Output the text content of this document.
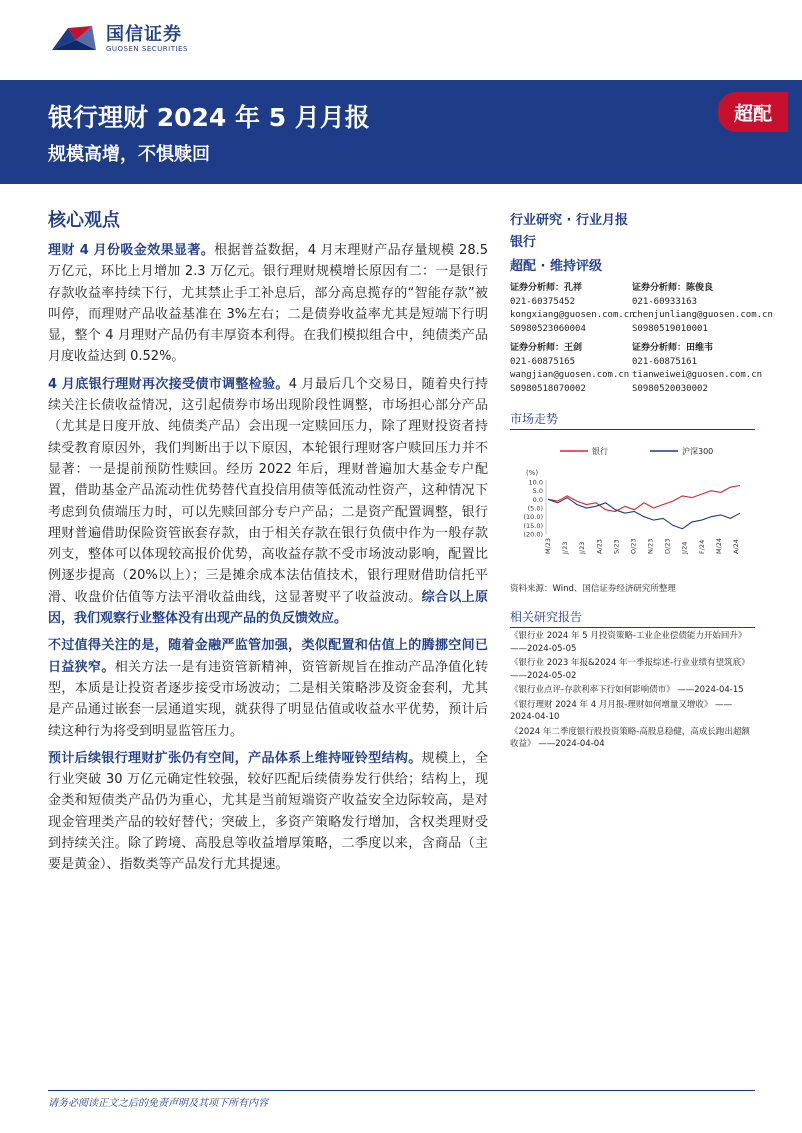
国信证券
GUOSEN SECURITIES
银行理财 2024 年 5 月月报
规模高增，不惧赎回
超配
核心观点

理财 4 月份吸金效果显著。根据普益数据，4 月末理财产品存量规模 28.5 万亿元，环比上月增加 2.3 万亿元。银行理财规模增长原因有二：一是银行存款收益率持续下行，尤其禁止手工补息后，部分高息揽存的“智能存款”被叫停，而理财产品收益基准在 3%左右；二是债券收益率尤其是短端下行明显，整个 4 月理财产品仍有丰厚资本利得。在我们模拟组合中，纯债类产品月度收益达到 0.52%。

4 月底银行理财再次接受债市调整检验。4 月最后几个交易日，随着央行持续关注长债收益情况，这引起债券市场出现阶段性调整，市场担心部分产品（尤其是日度开放、纯债类产品）会出现一定赎回压力，除了理财投资者持续受教育原因外，我们判断出于以下原因，本轮银行理财客户赎回压力并不显著：一是提前预防性赎回。经历 2022 年后，理财普遍加大基金专户配置，借助基金产品流动性优势替代直投信用债等低流动性资产，这种情况下考虑到负债端压力时，可以先赎回部分专户产品；二是资产配置调整，银行理财普遍借助保险资管嵌套存款，由于相关存款在银行负债中作为一般存款列支，整体可以体现较高报价优势，高收益存款不受市场波动影响，配置比例逐步提高（20%以上）；三是摊余成本法估值技术，银行理财借助信托平滑、收盘价估值等方法平滑收益曲线，这显著熨平了收益波动。综合以上原因，我们观察行业整体没有出现产品的负反馈效应。

不过值得关注的是，随着金融严监管加强，类似配置和估值上的腾挪空间已日益狭窄。相关方法一是有违资管新精神，资管新规旨在推动产品净值化转型，本质是让投资者逐步接受市场波动；二是相关策略涉及资金套利，尤其是产品通过嵌套一层通道实现，就获得了明显估值或收益水平优势，预计后续这种行为将受到明显监管压力。

预计后续银行理财扩张仍有空间，产品体系上维持哑铃型结构。规模上，全行业突破 30 万亿元确定性较强，较好匹配后续债券发行供给；结构上，现金类和短债类产品仍为重心，尤其是当前短端资产收益安全边际较高，是对现金管理类产品的较好替代；突破上，多资产策略发行增加，含权类理财受到持续关注。除了跨境、高股息等收益增厚策略，二季度以来，含商品（主要是黄金）、指数类等产品发行尤其提速。

行业研究 · 行业月报
银行
超配 · 维持评级
证券分析师：孔祥
021-60375452
kongxiang@guosen.com.cn
S0980523060004
证券分析师：陈俊良
021-60933163
chenjunliang@guosen.com.cn
S0980519010001
证券分析师：王剑
021-60875165
wangjian@guosen.com.cn
S0980518070002
证券分析师：田维韦
021-60875161
tianweiwei@guosen.com.cn
S0980520030002
市场走势
银行	沪深300
(%)
10.0
5.0
0.0
(5.0)
(10.0)
(15.0)
(20.0)
M/23 J/23 J/23 A/23 S/23 O/23 N/23 D/23 J/24 F/24 M/24 A/24
资料来源：Wind、国信证券经济研究所整理
相关研究报告
《银行业 2024 年 5 月投资策略-工业企业偿债能力开始回升》 ——2024-05-05
《银行业 2023 年报&2024 年一季报综述-行业业绩有望筑底》 ——2024-05-02
《银行业点评-存款利率下行如何影响债市》 ——2024-04-15
《银行理财 2024 年 4 月月报-理财如何增量又增收》 ——2024-04-10
《2024 年二季度银行股投资策略-高股息稳健，高成长跑出超额收益》 ——2024-04-04
请务必阅读正文之后的免责声明及其项下所有内容
